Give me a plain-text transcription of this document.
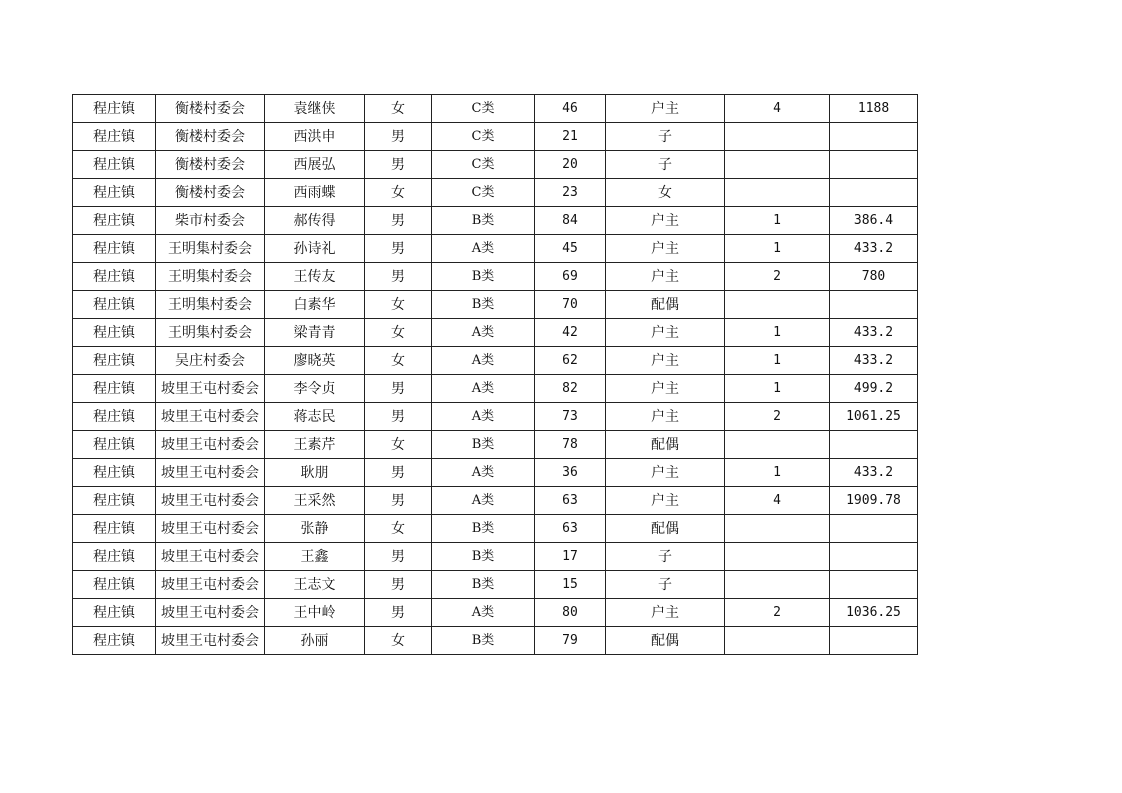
程庄镇	衡楼村委会	袁继侠	女	C类	46	户主	4	1188
程庄镇	衡楼村委会	西洪申	男	C类	21	子		
程庄镇	衡楼村委会	西展弘	男	C类	20	子		
程庄镇	衡楼村委会	西雨蝶	女	C类	23	女		
程庄镇	柴市村委会	郝传得	男	B类	84	户主	1	386.4
程庄镇	王明集村委会	孙诗礼	男	A类	45	户主	1	433.2
程庄镇	王明集村委会	王传友	男	B类	69	户主	2	780
程庄镇	王明集村委会	白素华	女	B类	70	配偶		
程庄镇	王明集村委会	梁青青	女	A类	42	户主	1	433.2
程庄镇	吴庄村委会	廖晓英	女	A类	62	户主	1	433.2
程庄镇	坡里王屯村委会	李令贞	男	A类	82	户主	1	499.2
程庄镇	坡里王屯村委会	蒋志民	男	A类	73	户主	2	1061.25
程庄镇	坡里王屯村委会	王素芹	女	B类	78	配偶		
程庄镇	坡里王屯村委会	耿朋	男	A类	36	户主	1	433.2
程庄镇	坡里王屯村委会	王采然	男	A类	63	户主	4	1909.78
程庄镇	坡里王屯村委会	张静	女	B类	63	配偶		
程庄镇	坡里王屯村委会	王鑫	男	B类	17	子		
程庄镇	坡里王屯村委会	王志文	男	B类	15	子		
程庄镇	坡里王屯村委会	王中岭	男	A类	80	户主	2	1036.25
程庄镇	坡里王屯村委会	孙丽	女	B类	79	配偶		
